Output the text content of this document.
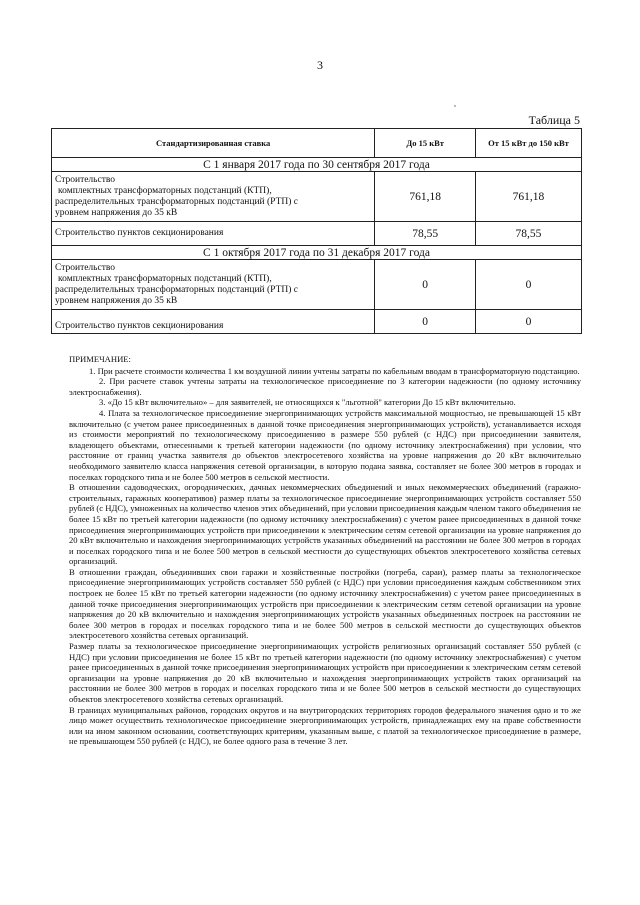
3
Таблица 5
Стандартизированная ставка	До 15 кВт	От 15 кВт до 150 кВт
С 1 января 2017 года по 30 сентября 2017 года		

Строительство
комплектных трансформаторных подстанций (КТП),
распределительных трансформаторных подстанций (РТП) с
уровнем напряжения до 35 кВ	761,18	761,18

Строительство пунктов секционирования	78,55	78,55
С 1 октября 2017 года по 31 декабря 2017 года		

Строительство
комплектных трансформаторных подстанций (КТП),
распределительных трансформаторных подстанций (РТП) с
уровнем напряжения до 35 кВ	0	0

Строительство пунктов секционирования	0	0

ПРИМЕЧАНИЕ:

1. При расчете стоимости количества 1 км воздушной линии учтены затраты по кабельным вводам в трансформаторную подстанцию.

2. При расчете ставок учтены затраты на технологическое присоединение по 3 категории надежности (по одному источнику электроснабжения).

3. «До 15 кВт включительно» – для заявителей, не относящихся к "льготной" категории До 15 кВт включительно.

4. Плата за технологическое присоединение энергопринимающих устройств максимальной мощностью, не превышающей 15 кВт включительно (с учетом ранее присоединенных в данной точке присоединения энергопринимающих устройств), устанавливается исходя из стоимости мероприятий по технологическому присоединению в размере 550 рублей (с НДС) при присоединении заявителя, владеющего объектами, отнесенными к третьей категории надежности (по одному источнику электроснабжения) при условии, что расстояние от границ участка заявителя до объектов электросетевого хозяйства на уровне напряжения до 20 кВт включительно необходимого заявителю класса напряжения сетевой организации, в которую подана заявка, составляет не более 300 метров в городах и поселках городского типа и не более 500 метров в сельской местности.

В отношении садоводческих, огороднических, дачных некоммерческих объединений и иных некоммерческих объединений (гаражно-строительных, гаражных кооперативов) размер платы за технологическое присоединение энергопринимающих устройств составляет 550 рублей (с НДС), умноженных на количество членов этих объединений, при условии присоединения каждым членом такого объединения не более 15 кВт по третьей категории надежности (по одному источнику электроснабжения) с учетом ранее присоединенных в данной точке присоединения энергопринимающих устройств при присоединении к электрическим сетям сетевой организации на уровне напряжения до 20 кВт включительно и нахождения энергопринимающих устройств указанных объединений на расстоянии не более 300 метров в городах и поселках городского типа и не более 500 метров в сельской местности до существующих объектов электросетевого хозяйства сетевых организаций.

В отношении граждан, объединивших свои гаражи и хозяйственные постройки (погреба, сараи), размер платы за технологическое присоединение энергопринимающих устройств составляет 550 рублей (с НДС) при условии присоединения каждым собственником этих построек не более 15 кВт по третьей категории надежности (по одному источнику электроснабжения) с учетом ранее присоединенных в данной точке присоединения энергопринимающих устройств при присоединении к электрическим сетям сетевой организации на уровне напряжения до 20 кВ включительно и нахождения энергопринимающих устройств указанных объединенных построек на расстоянии не более 300 метров в городах и поселках городского типа и не более 500 метров в сельской местности до существующих объектов электросетевого хозяйства сетевых организаций.

Размер платы за технологическое присоединение энергопринимающих устройств религиозных организаций составляет 550 рублей (с НДС) при условии присоединения не более 15 кВт по третьей категории надежности (по одному источнику электроснабжения) с учетом ранее присоединенных в данной точке присоединения энергопринимающих устройств при присоединении к электрическим сетям сетевой организации на уровне напряжения до 20 кВ включительно и нахождения энергопринимающих устройств таких организаций на расстоянии не более 300 метров в городах и поселках городского типа и не более 500 метров в сельской местности до существующих объектов электросетевого хозяйства сетевых организаций.

В границах муниципальных районов, городских округов и на внутригородских территориях городов федерального значения одно и то же лицо может осуществить технологическое присоединение энергопринимающих устройств, принадлежащих ему на праве собственности или на ином законном основании, соответствующих критериям, указанным выше, с платой за технологическое присоединение в размере, не превышающем 550 рублей (с НДС), не более одного раза в течение 3 лет.
